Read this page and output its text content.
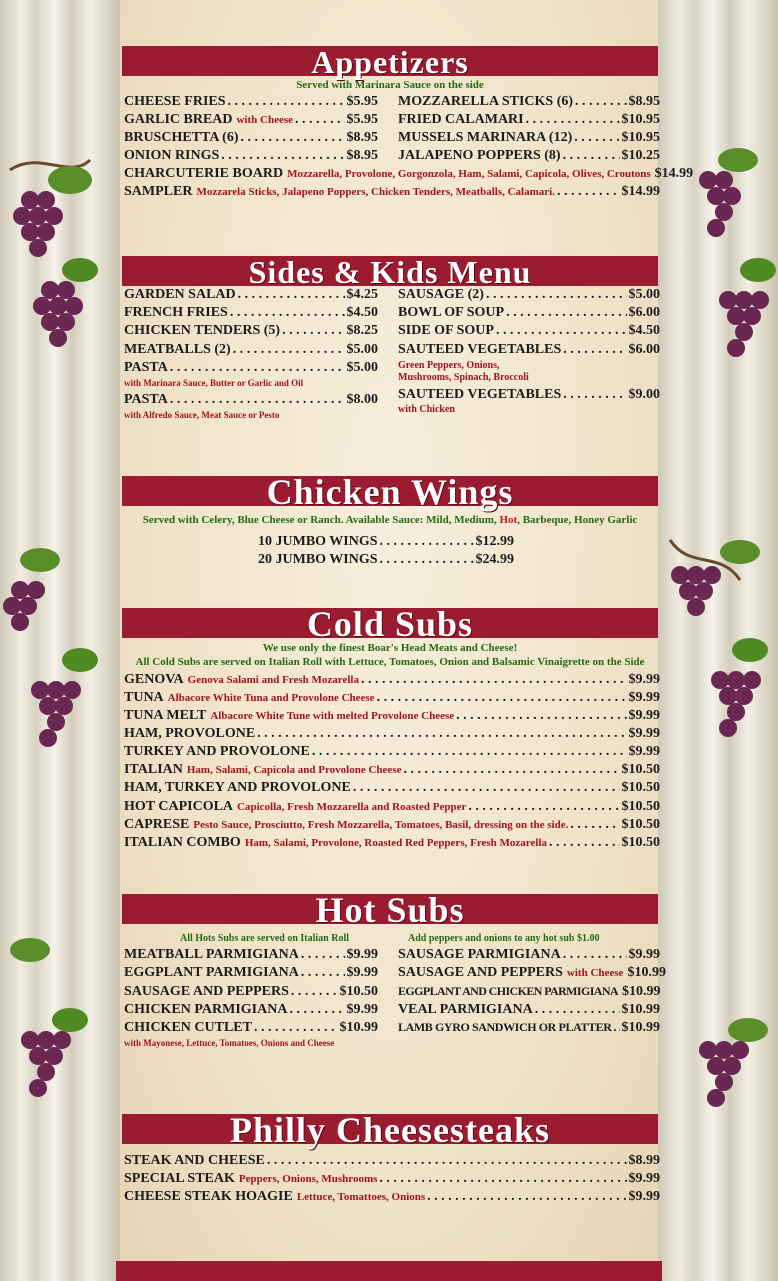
Appetizers
Served with Marinara Sauce on the side
CHEESE FRIES . . .	$5.95
GARLIC BREAD with Cheese . . .	$5.95
BRUSCHETTA (6) . . .	$8.95
ONION RINGS . . .	$8.95
MOZZARELLA STICKS (6) . . .	$8.95
FRIED CALAMARI . . .	$10.95
MUSSELS MARINARA (12) . . .	$10.95
JALAPENO POPPERS (8) . . .	$10.25
CHARCUTERIE BOARD Mozzarella, Provolone, Gorgonzola, Ham, Salami, Capicola, Olives, Croutons $14.99
SAMPLER Mozzarela Sticks, Jalapeno Poppers, Chicken Tenders, Meatballs, Calamari. . . .	$14.99
Sides & Kids Menu
GARDEN SALAD . . .	$4.25
FRENCH FRIES . . .	$4.50
CHICKEN TENDERS (5) . . .	$8.25
MEATBALLS (2) . . .	$5.00
PASTA . . .	$5.00
with Marinara Sauce, Butter or Garlic and Oil
PASTA . . .	$8.00
with Alfredo Sauce, Meat Sauce or Pesto
SAUSAGE (2) . . .	$5.00
BOWL OF SOUP . . .	$6.00
SIDE OF SOUP . . .	$4.50
SAUTEED VEGETABLES . . .	$6.00
Green Peppers, Onions,
Mushrooms, Spinach, Broccoli
SAUTEED VEGETABLES . . .	$9.00
with Chicken
Chicken Wings
Served with Celery, Blue Cheese or Ranch. Available Sauce: Mild, Medium, Hot, Barbeque, Honey Garlic
10 JUMBO WINGS . . .	$12.99
20 JUMBO WINGS . . .	$24.99
Cold Subs
We use only the finest Boar's Head Meats and Cheese!
All Cold Subs are served on Italian Roll with Lettuce, Tomatoes, Onion and Balsamic Vinaigrette on the Side
GENOVA Genova Salami and Fresh Mozarella . . .	$9.99
TUNA Albacore White Tuna and Provolone Cheese . . .	$9.99
TUNA MELT Albacore White Tune with melted Provolone Cheese . . .	$9.99
HAM, PROVOLONE . . .	$9.99
TURKEY AND PROVOLONE . . .	$9.99
ITALIAN Ham, Salami, Capicola and Provolone Cheese . . .	$10.50
HAM, TURKEY AND PROVOLONE . . .	$10.50
HOT CAPICOLA Capicolla, Fresh Mozzarella and Roasted Pepper . . .	$10.50
CAPRESE Pesto Sauce, Prosciutto, Fresh Mozzarella, Tomatoes, Basil, dressing on the side. . . .	$10.50
ITALIAN COMBO Ham, Salami, Provolone, Roasted Red Peppers, Fresh Mozarella . . .	$10.50
Hot Subs
All Hots Subs are served on Italian Roll	Add peppers and onions to any hot sub $1.00
MEATBALL PARMIGIANA . . .	$9.99
EGGPLANT PARMIGIANA . . .	$9.99
SAUSAGE AND PEPPERS . . .	$10.50
CHICKEN PARMIGIANA . . .	$9.99
CHICKEN CUTLET . . .	$10.99
with Mayonese, Lettuce, Tomatoes, Onions and Cheese
SAUSAGE PARMIGIANA . . .	$9.99
SAUSAGE AND PEPPERS with Cheese $10.99
EGGPLANT AND CHICKEN PARMIGIANA $10.99
VEAL PARMIGIANA . . .	$10.99
LAMB GYRO SANDWICH OR PLATTER . . . $10.99
Philly Cheesesteaks
STEAK AND CHEESE . . .	$8.99
SPECIAL STEAK Peppers, Onions, Mushrooms . . .	$9.99
CHEESE STEAK HOAGIE Lettuce, Tomattoes, Onions . . .	$9.99
